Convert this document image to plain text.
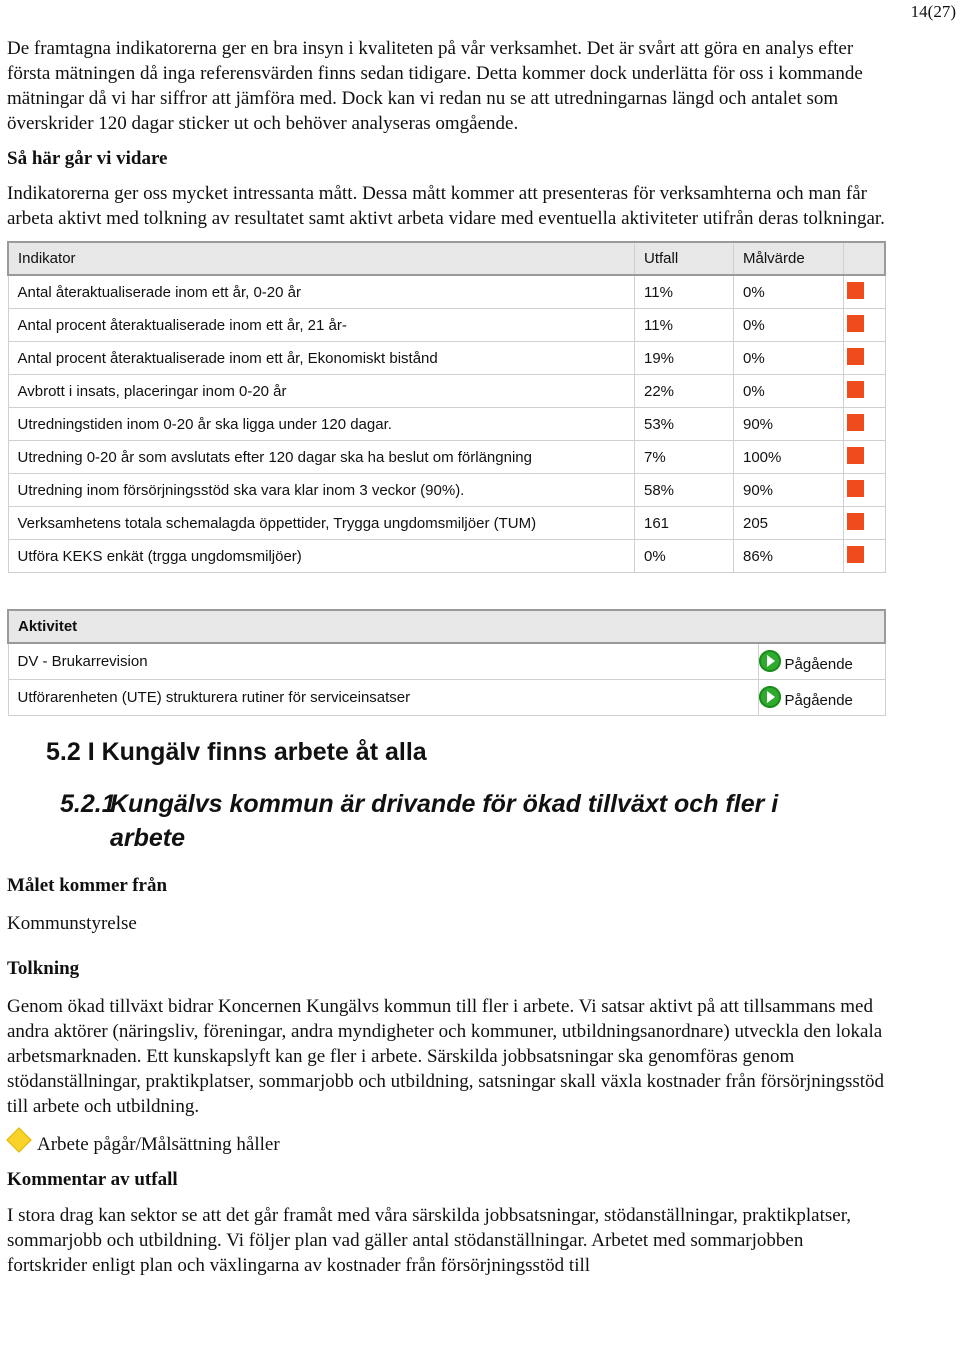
14(27)

De framtagna indikatorerna ger en bra insyn i kvaliteten på vår verksamhet. Det är svårt att göra en analys efter första mätningen då inga referensvärden finns sedan tidigare. Detta kommer dock underlätta för oss i kommande mätningar då vi har siffror att jämföra med. Dock kan vi redan nu se att utredningarnas längd och antalet som överskrider 120 dagar sticker ut och behöver analyseras omgående.

Så här går vi vidare

Indikatorerna ger oss mycket intressanta mått. Dessa mått kommer att presenteras för verksamhterna och man får arbeta aktivt med tolkning av resultatet samt aktivt arbeta vidare med eventuella aktiviteter utifrån deras tolkningar.

Indikator	Utfall	Målvärde	
Antal återaktualiserade inom ett år, 0-20 år	11%	0%	
Antal procent återaktualiserade inom ett år, 21 år-	11%	0%	
Antal procent återaktualiserade inom ett år, Ekonomiskt bistånd	19%	0%	
Avbrott i insats, placeringar inom 0-20 år	22%	0%	
Utredningstiden inom 0-20 år ska ligga under 120 dagar.	53%	90%	
Utredning 0-20 år som avslutats efter 120 dagar ska ha beslut om förlängning	7%	100%	
Utredning inom försörjningsstöd ska vara klar inom 3 veckor (90%).	58%	90%	
Verksamhetens totala schemalagda öppettider, Trygga ungdomsmiljöer (TUM)	161	205	
Utföra KEKS enkät (trgga ungdomsmiljöer)	0%	86%	
Aktivitet	
DV - Brukarrevision	Pågående
Utförarenheten (UTE) strukturera rutiner för serviceinsatser	Pågående
5.2 I Kungälv finns arbete åt alla
5.2.1
Kungälvs kommun är drivande för ökad tillväxt och fler i arbete
Målet kommer från

Kommunstyrelse

Tolkning

Genom ökad tillväxt bidrar Koncernen Kungälvs kommun till fler i arbete. Vi satsar aktivt på att tillsammans med andra aktörer (näringsliv, föreningar, andra myndigheter och kommuner, utbildningsanordnare) utveckla den lokala arbetsmarknaden. Ett kunskapslyft kan ge fler i arbete. Särskilda jobbsatsningar ska genomföras genom stödanställningar, praktikplatser, sommarjobb och utbildning, satsningar skall växla kostnader från försörjningsstöd till arbete och utbildning.

Arbete pågår/Målsättning håller

Kommentar av utfall

I stora drag kan sektor se att det går framåt med våra särskilda jobbsatsningar, stödanställningar, praktikplatser, sommarjobb och utbildning. Vi följer plan vad gäller antal stödanställningar. Arbetet med sommarjobben fortskrider enligt plan och växlingarna av kostnader från försörjningsstöd till
